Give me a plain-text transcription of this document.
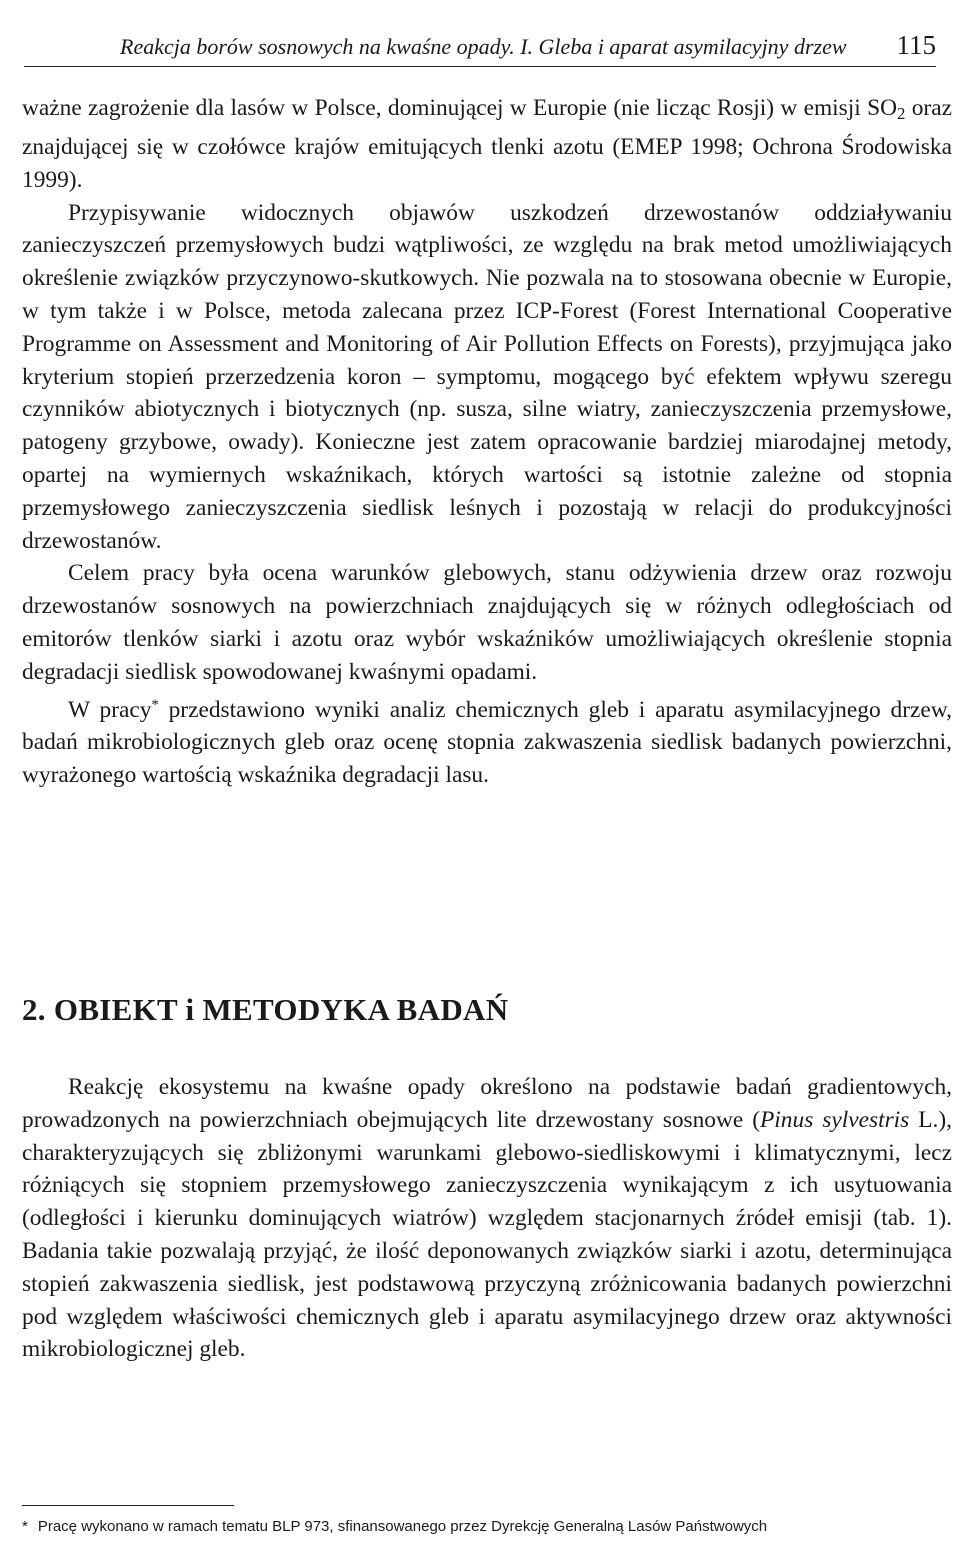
Reakcja borów sosnowych na kwaśne opady. I. Gleba i aparat asymilacyjny drzew 115

ważne zagrożenie dla lasów w Polsce, dominującej w Europie (nie licząc Rosji) w emisji $SO_2$ oraz znajdującej się w czołówce krajów emitujących tlenki azotu (EMEP 1998; Ochrona Środowiska 1999).

Przypisywanie widocznych objawów uszkodzeń drzewostanów oddziaływaniu zanieczyszczeń przemysłowych budzi wątpliwości, ze względu na brak metod umożliwiających określenie związków przyczynowo-skutkowych. Nie pozwala na to stosowana obecnie w Europie, w tym także i w Polsce, metoda zalecana przez ICP-Forest (Forest International Cooperative Programme on Assessment and Monitoring of Air Pollution Effects on Forests), przyjmująca jako kryterium stopień przerzedzenia koron – symptomu, mogącego być efektem wpływu szeregu czynników abiotycznych i biotycznych (np. susza, silne wiatry, zanieczyszczenia przemysłowe, patogeny grzybowe, owady). Konieczne jest zatem opracowanie bardziej miarodajnej metody, opartej na wymiernych wskaźnikach, których wartości są istotnie zależne od stopnia przemysłowego zanieczyszczenia siedlisk leśnych i pozostają w relacji do produkcyjności drzewostanów.

Celem pracy była ocena warunków glebowych, stanu odżywienia drzew oraz rozwoju drzewostanów sosnowych na powierzchniach znajdujących się w różnych odległościach od emitorów tlenków siarki i azotu oraz wybór wskaźników umożliwiających określenie stopnia degradacji siedlisk spowodowanej kwaśnymi opadami.

W pracy* przedstawiono wyniki analiz chemicznych gleb i aparatu asymilacyjnego drzew, badań mikrobiologicznych gleb oraz ocenę stopnia zakwaszenia siedlisk badanych powierzchni, wyrażonego wartością wskaźnika degradacji lasu.

2. OBIEKT i METODYKA BADAŃ

Reakcję ekosystemu na kwaśne opady określono na podstawie badań gradientowych, prowadzonych na powierzchniach obejmujących lite drzewostany sosnowe (Pinus sylvestris L.), charakteryzujących się zbliżonymi warunkami glebowo-siedliskowymi i klimatycznymi, lecz różniących się stopniem przemysłowego zanieczyszczenia wynikającym z ich usytuowania (odległości i kierunku dominujących wiatrów) względem stacjonarnych źródeł emisji (tab. 1). Badania takie pozwalają przyjąć, że ilość deponowanych związków siarki i azotu, determinująca stopień zakwaszenia siedlisk, jest podstawową przyczyną zróżnicowania badanych powierzchni pod względem właściwości chemicznych gleb i aparatu asymilacyjnego drzew oraz aktywności mikrobiologicznej gleb.

* Pracę wykonano w ramach tematu BLP 973, sfinansowanego przez Dyrekcję Generalną Lasów Państwowych
